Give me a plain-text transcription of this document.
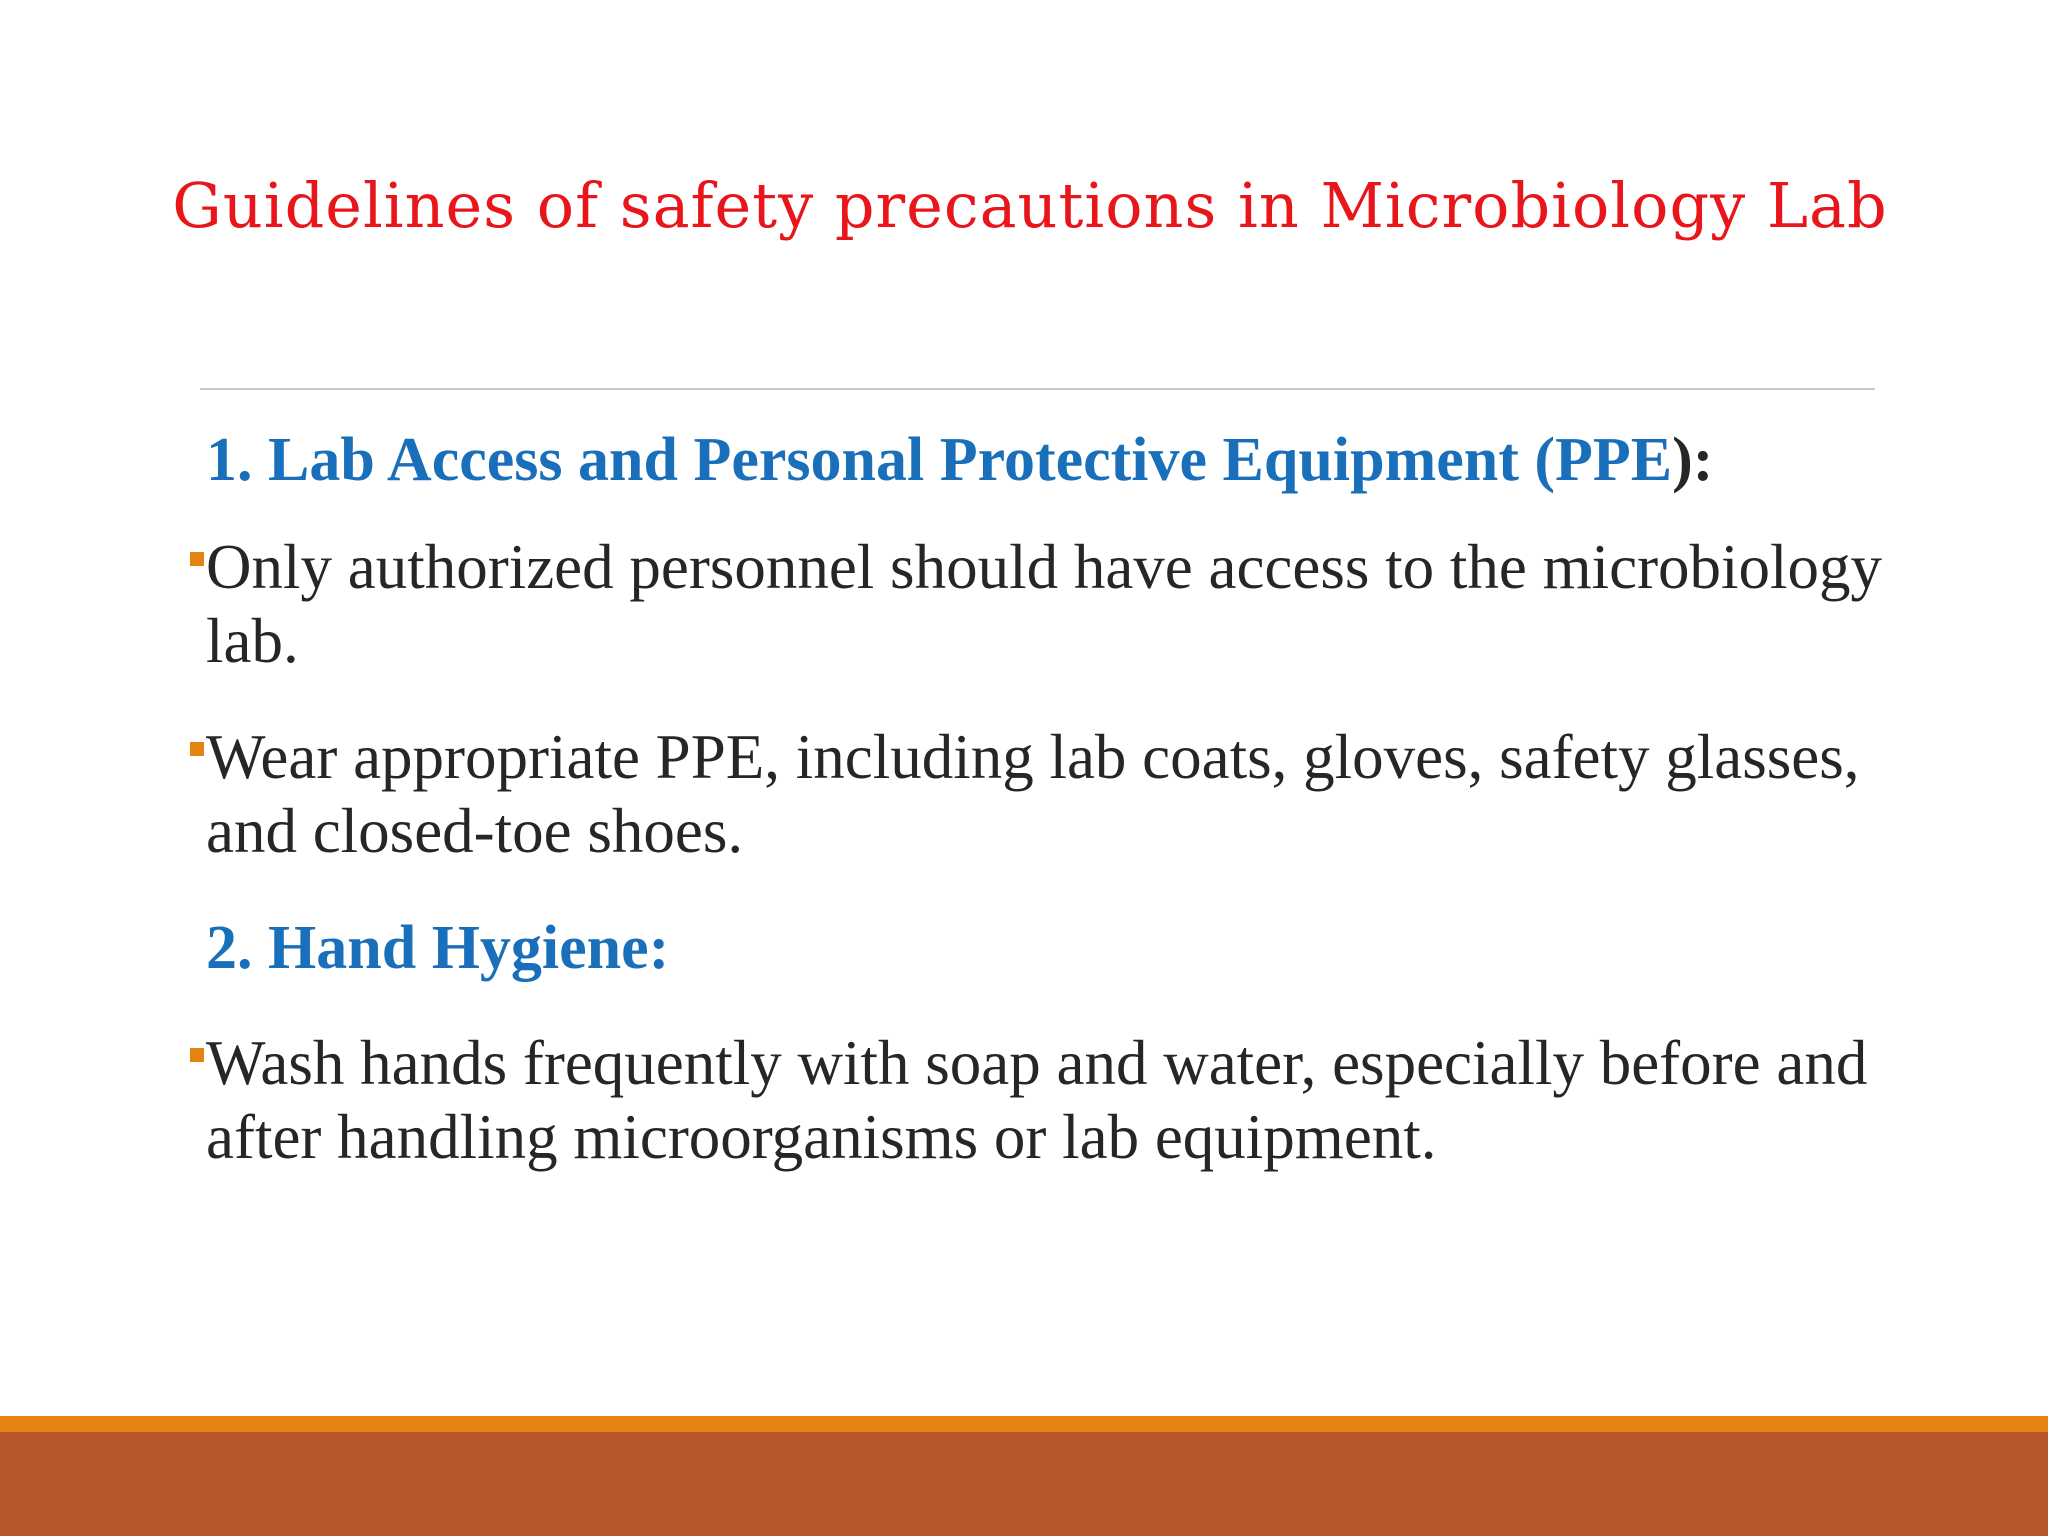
Guidelines of safety precautions in Microbiology Lab
1. Lab Access and Personal Protective Equipment (PPE):
Only authorized personnel should have access to the microbiology lab.
Wear appropriate PPE, including lab coats, gloves, safety glasses, and closed-toe shoes.
2. Hand Hygiene:
Wash hands frequently with soap and water, especially before and after handling microorganisms or lab equipment.
